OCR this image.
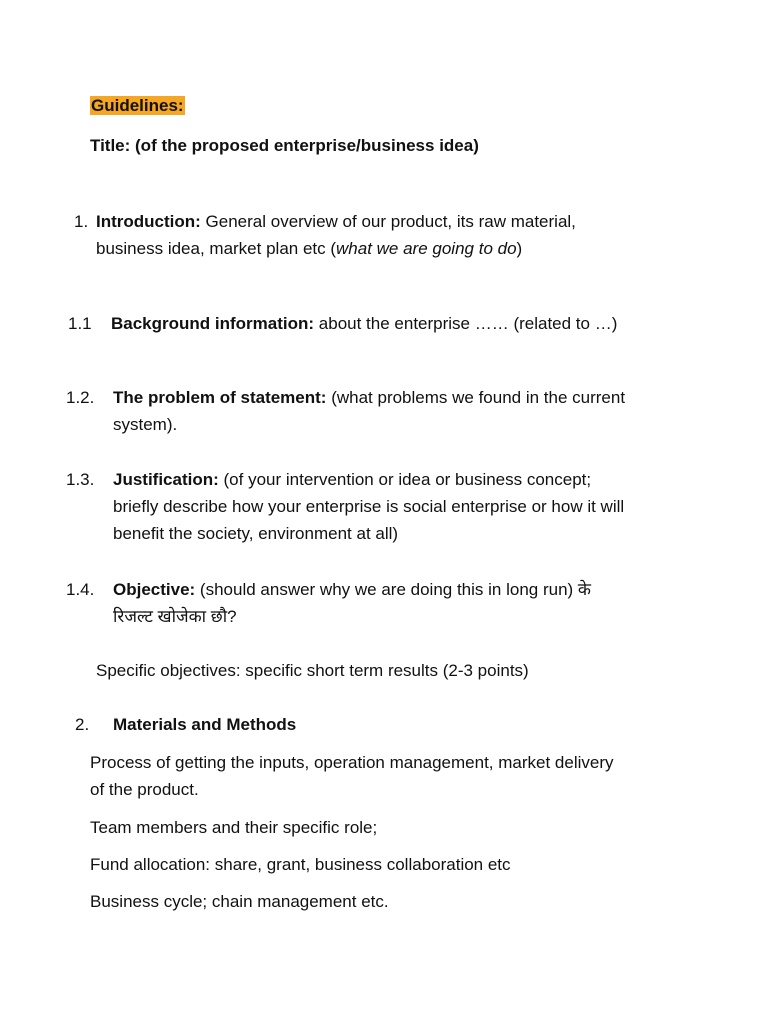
Guidelines:
Title: (of the proposed enterprise/business idea)
1. Introduction: General overview of our product, its raw material,
business idea, market plan etc (what we are going to do)
1.1 Background information: about the enterprise …… (related to …)
1.2. The problem of statement: (what problems we found in the current
system).
1.3. Justification: (of your intervention or idea or business concept;
briefly describe how your enterprise is social enterprise or how it will
benefit the society, environment at all)
1.4. Objective: (should answer why we are doing this in long run) के
रिजल्ट खोजेका छौ?
Specific objectives: specific short term results (2-3 points)
2. Materials and Methods
Process of getting the inputs, operation management, market delivery
of the product.
Team members and their specific role;
Fund allocation: share, grant, business collaboration etc
Business cycle; chain management etc.
